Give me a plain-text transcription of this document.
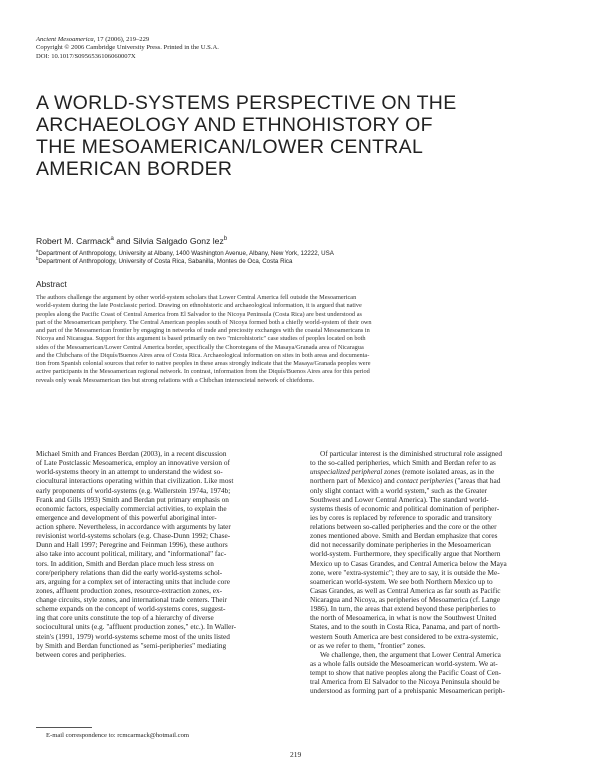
Ancient Mesoamerica, 17 (2006), 219–229
Copyright © 2006 Cambridge University Press. Printed in the U.S.A.
DOI: 10.1017/S0956536106060007X
A WORLD-SYSTEMS PERSPECTIVE ON THE
ARCHAEOLOGY AND ETHNOHISTORY OF
THE MESOAMERICAN/LOWER CENTRAL
AMERICAN BORDER
Robert M. Carmack$^a$ and Silvia Salgado Gonz lez$^b$
$^a$Department of Anthropology, University at Albany, 1400 Washington Avenue, Albany, New York, 12222, USA
$^b$Department of Anthropology, University of Costa Rica, Sabanilla, Montes de Oca, Costa Rica
Abstract
The authors challenge the argument by other world-system scholars that Lower Central America fell outside the Mesoamerican
world-system during the late Postclassic period. Drawing on ethnohistoric and archaeological information, it is argued that native
peoples along the Pacific Coast of Central America from El Salvador to the Nicoya Peninsula (Costa Rica) are best understood as
part of the Mesoamerican periphery. The Central American peoples south of Nicoya formed both a chiefly world-system of their own
and part of the Mesoamerican frontier by engaging in networks of trade and preciosity exchanges with the coastal Mesoamericans in
Nicoya and Nicaragua. Support for this argument is based primarily on two "microhistoric" case studies of peoples located on both
sides of the Mesoamerican/Lower Central America border, specifically the Chorotegans of the Masaya/Granada area of Nicaragua
and the Chibchans of the Diquís/Buenos Aires area of Costa Rica. Archaeological information on sites in both areas and documenta-
tion from Spanish colonial sources that refer to native peoples in these areas strongly indicate that the Masaya/Granada peoples were
active participants in the Mesoamerican regional network. In contrast, information from the Diquís/Buenos Aires area for this period
reveals only weak Mesoamerican ties but strong relations with a Chibchan intersocietal network of chiefdoms.
Michael Smith and Frances Berdan (2003), in a recent discussion
of Late Postclassic Mesoamerica, employ an innovative version of
world-systems theory in an attempt to understand the widest so-
ciocultural interactions operating within that civilization. Like most
early proponents of world-systems (e.g. Wallerstein 1974a, 1974b;
Frank and Gills 1993) Smith and Berdan put primary emphasis on
economic factors, especially commercial activities, to explain the
emergence and development of this powerful aboriginal inter-
action sphere. Nevertheless, in accordance with arguments by later
revisionist world-systems scholars (e.g. Chase-Dunn 1992; Chase-
Dunn and Hall 1997; Peregrine and Feinman 1996), these authors
also take into account political, military, and "informational" fac-
tors. In addition, Smith and Berdan place much less stress on
core/periphery relations than did the early world-systems schol-
ars, arguing for a complex set of interacting units that include core
zones, affluent production zones, resource-extraction zones, ex-
change circuits, style zones, and international trade centers. Their
scheme expands on the concept of world-systems cores, suggest-
ing that core units constitute the top of a hierarchy of diverse
sociocultural units (e.g. "affluent production zones," etc.). In Waller-
stein's (1991, 1979) world-systems scheme most of the units listed
by Smith and Berdan functioned as "semi-peripheries" mediating
between cores and peripheries.
Of particular interest is the diminished structural role assigned
to the so-called peripheries, which Smith and Berdan refer to as
unspecialized peripheral zones (remote isolated areas, as in the
northern part of Mexico) and contact peripheries ("areas that had
only slight contact with a world system," such as the Greater
Southwest and Lower Central America). The standard world-
systems thesis of economic and political domination of peripher-
ies by cores is replaced by reference to sporadic and transitory
relations between so-called peripheries and the core or the other
zones mentioned above. Smith and Berdan emphasize that cores
did not necessarily dominate peripheries in the Mesoamerican
world-system. Furthermore, they specifically argue that Northern
Mexico up to Casas Grandes, and Central America below the Maya
zone, were "extra-systemic"; they are to say, it is outside the Me-
soamerican world-system. We see both Northern Mexico up to
Casas Grandes, as well as Central America as far south as Pacific
Nicaragua and Nicoya, as peripheries of Mesoamerica (cf. Lange
1986). In turn, the areas that extend beyond these peripheries to
the north of Mesoamerica, in what is now the Southwest United
States, and to the south in Costa Rica, Panama, and part of north-
western South America are best considered to be extra-systemic,
or as we refer to them, "frontier" zones.
We challenge, then, the argument that Lower Central America
as a whole falls outside the Mesoamerican world-system. We at-
tempt to show that native peoples along the Pacific Coast of Cen-
tral America from El Salvador to the Nicoya Peninsula should be
understood as forming part of a prehispanic Mesoamerican periph-
E-mail correspondence to: rcmcarmack@hotmail.com
219
